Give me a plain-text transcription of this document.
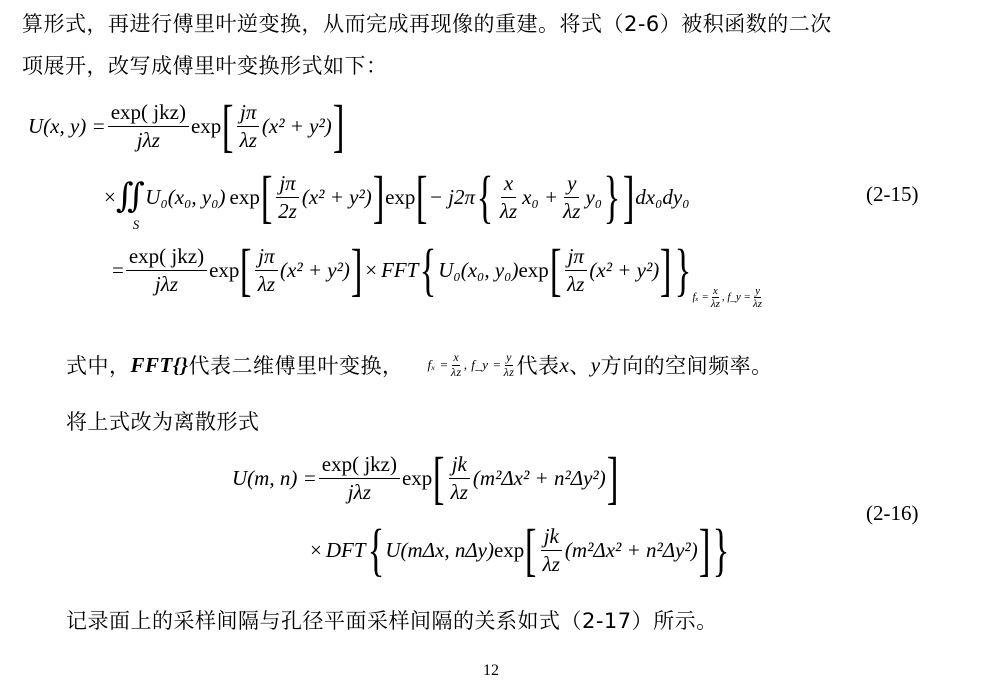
算形式，再进行傅里叶逆变换，从而完成再现像的重建。将式（2-6）被积函数的二次
项展开，改写成傅里叶变换形式如下：
U(x, $y) = \frac{\text{exp( jkz)}}{\text{jλz}}$ exp [ $\frac{j\pi}{\lambda z} (x^2 + y^2)$ ]
× ∬
S
U₀(x₀, y₀) exp [ $\frac{j\pi}{2z} (x^2 + y^2)$ ] exp [ − j2π { $\frac{x}{\lambda z} x_0 + \frac{y}{\lambda z} y_0$ } ] dx₀dy₀	(2-15)
= $\frac{\text{exp( jkz)}}{\text{jλz}}$ exp [ $\frac{j\pi}{\lambda z} (x^2 + y^2)$ ] × FFT { U₀(x₀, y₀) exp [ $\frac{j\pi}{\lambda z} (x^2 + y^2)$ ] } $f_x = \frac{x}{\lambda z}$ , f_y = $\frac{y}{\lambda z}$
式中， FFT{} 代表二维傅里叶变换， $f_x = \frac{x}{\lambda z}$ , f_y = $\frac{y}{\lambda z}$ 代表 x 、 y 方向的空间频率。
将上式改为离散形式
U(m, $n) = \frac{\text{exp( jkz)}}{\text{jλz}}$ exp [ $\frac{jk}{\lambda z} (m^2\Delta x^2 + n^2\Delta y^2)$ ]
(2-16)
× DFT { U(mΔx, nΔy) exp [ $\frac{jk}{\lambda z} (m^2\Delta x^2 + n^2\Delta y^2)$ ] }
记录面上的采样间隔与孔径平面采样间隔的关系如式（2-17）所示。
12
